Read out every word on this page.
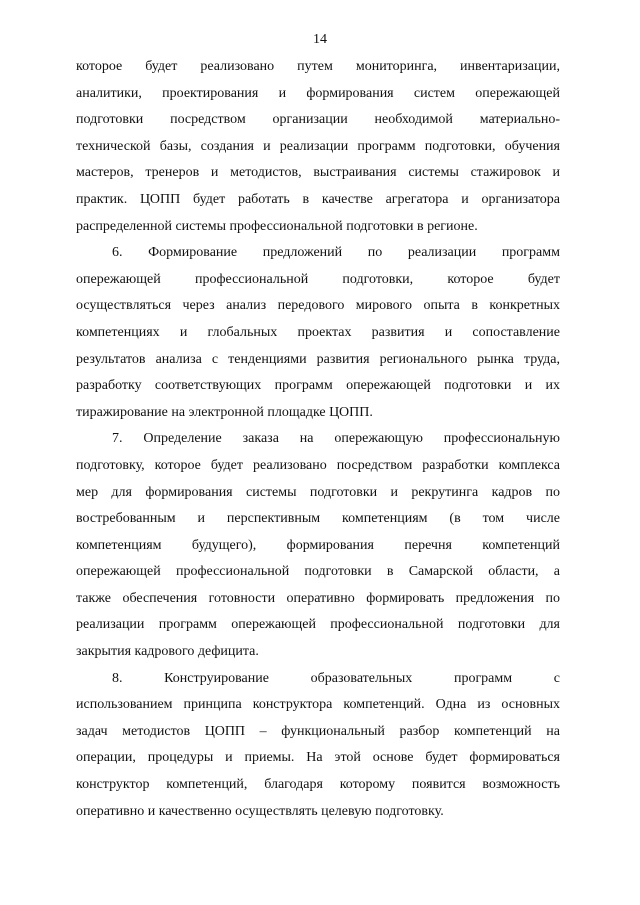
14
которое будет реализовано путем мониторинга, инвентаризации,
аналитики, проектирования и формирования систем опережающей
подготовки посредством организации необходимой материально-
технической базы, создания и реализации программ подготовки, обучения
мастеров, тренеров и методистов, выстраивания системы стажировок и
практик. ЦОПП будет работать в качестве агрегатора и организатора
распределенной системы профессиональной подготовки в регионе.
6. Формирование предложений по реализации программ
опережающей профессиональной подготовки, которое будет
осуществляться через анализ передового мирового опыта в конкретных
компетенциях и глобальных проектах развития и сопоставление
результатов анализа с тенденциями развития регионального рынка труда,
разработку соответствующих программ опережающей подготовки и их
тиражирование на электронной площадке ЦОПП.
7. Определение заказа на опережающую профессиональную
подготовку, которое будет реализовано посредством разработки комплекса
мер для формирования системы подготовки и рекрутинга кадров по
востребованным и перспективным компетенциям (в том числе
компетенциям будущего), формирования перечня компетенций
опережающей профессиональной подготовки в Самарской области, а
также обеспечения готовности оперативно формировать предложения по
реализации программ опережающей профессиональной подготовки для
закрытия кадрового дефицита.
8. Конструирование образовательных программ с
использованием принципа конструктора компетенций. Одна из основных
задач методистов ЦОПП – функциональный разбор компетенций на
операции, процедуры и приемы. На этой основе будет формироваться
конструктор компетенций, благодаря которому появится возможность
оперативно и качественно осуществлять целевую подготовку.
